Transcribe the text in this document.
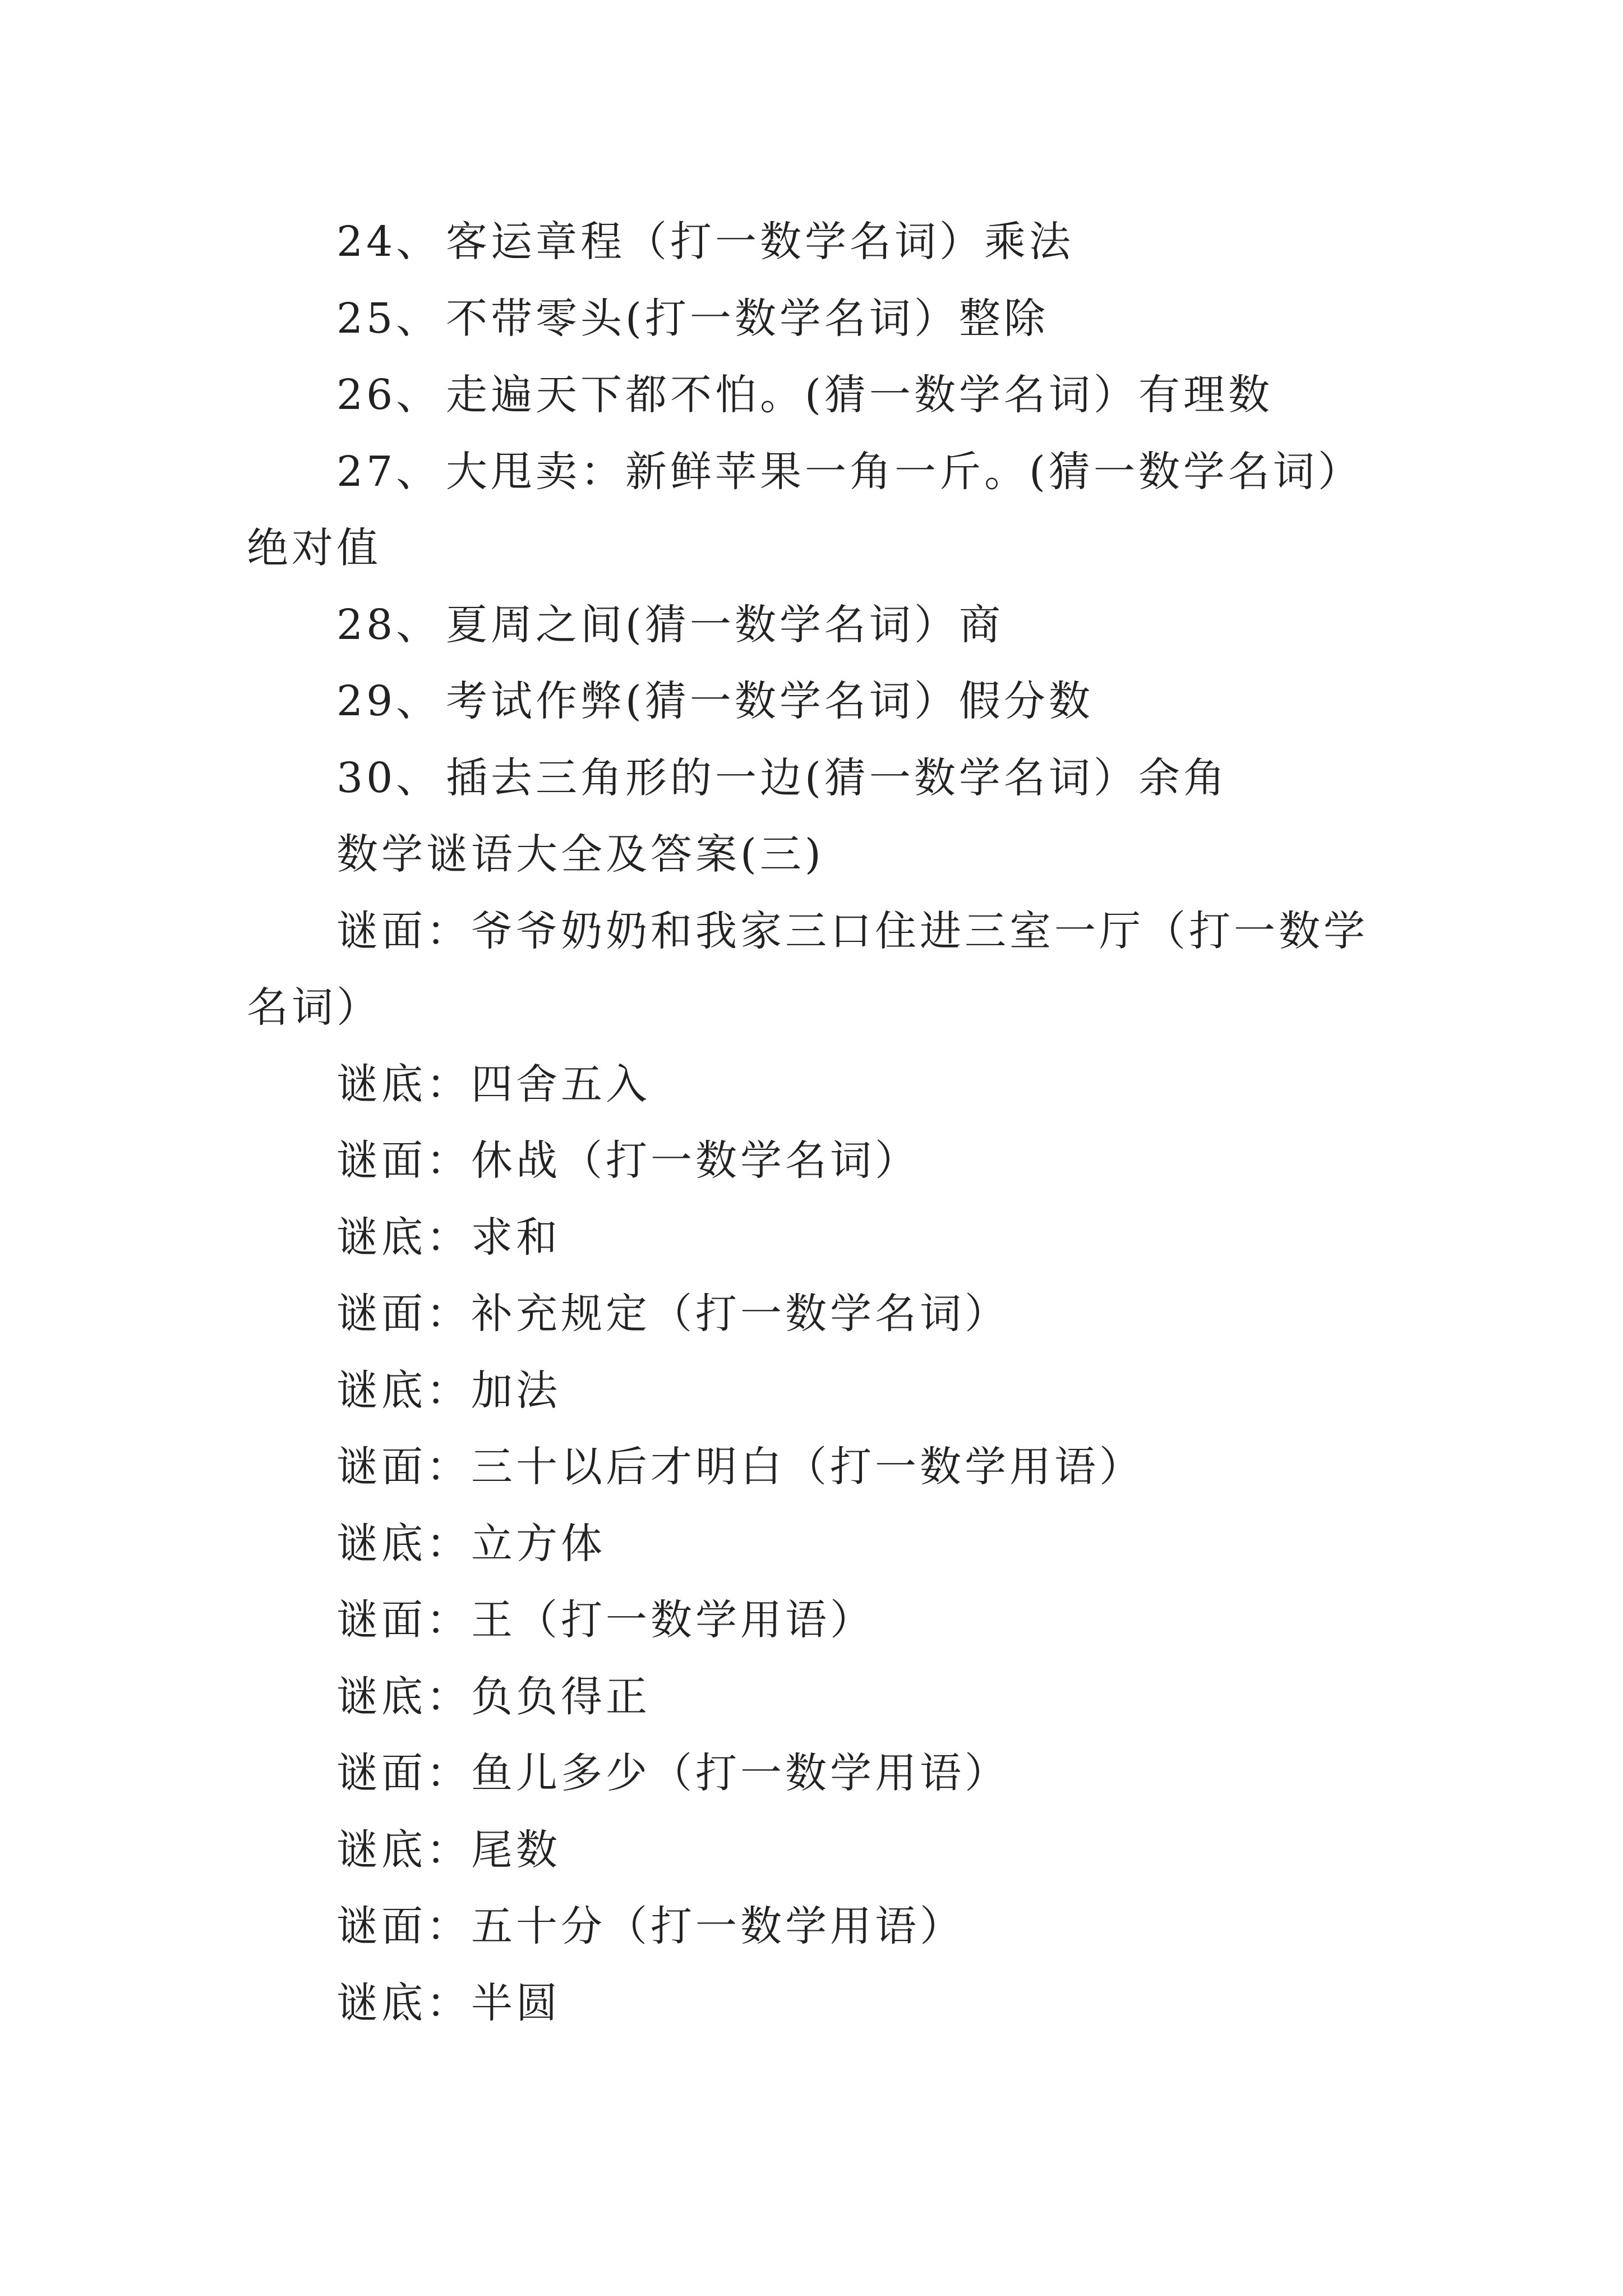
24、 客运章程（打一数学名词）乘法

25、 不带零头(打一数学名词）整除

26、 走遍天下都不怕。(猜一数学名词）有理数

27、 大甩卖：新鲜苹果一角一斤。(猜一数学名词）绝对值

28、 夏周之间(猜一数学名词）商

29、 考试作弊(猜一数学名词）假分数

30、 插去三角形的一边(猜一数学名词）余角

数学谜语大全及答案(三)

谜面：爷爷奶奶和我家三口住进三室一厅（打一数学名词）

谜底：四舍五入

谜面：休战（打一数学名词）

谜底：求和

谜面：补充规定（打一数学名词）

谜底：加法

谜面：三十以后才明白（打一数学用语）

谜底：立方体

谜面：王（打一数学用语）

谜底：负负得正

谜面：鱼儿多少（打一数学用语）

谜底：尾数

谜面：五十分（打一数学用语）

谜底：半圆
